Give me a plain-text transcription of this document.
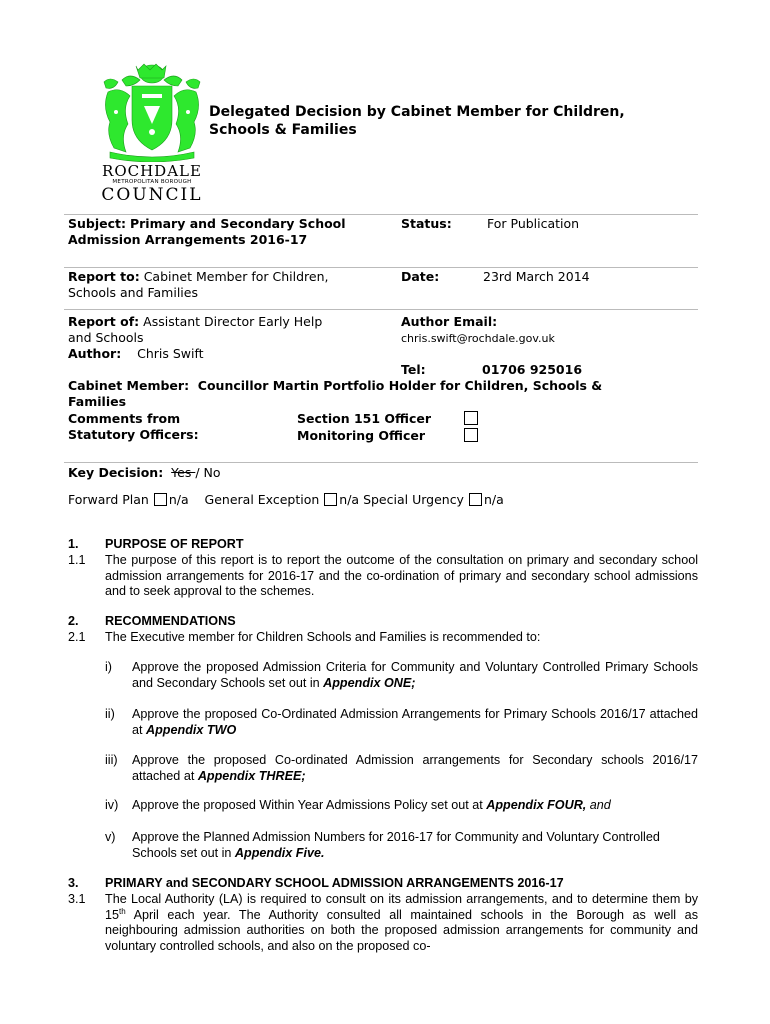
ROCHDALE
METROPOLITAN BOROUGH
COUNCIL
Delegated Decision by Cabinet Member for Children,
Schools & Families
Subject: Primary and Secondary School
Admission Arrangements 2016-17
Status:	For Publication
Report to: Cabinet Member for Children,
Schools and Families
Date:	23rd March 2014
Report of: Assistant Director Early Help
and Schools
Author: Chris Swift
Author Email:
chris.swift@rochdale.gov.uk
Tel:	01706 925016
Cabinet Member: Councillor Martin Portfolio Holder for Children, Schools &
Families
Comments from
Statutory Officers:
Section 151 Officer
Monitoring Officer
Key Decision: Yes / No
Forward Plan n/a General Exception n/a Special Urgency n/a
1. PURPOSE OF REPORT
1.1 The purpose of this report is to report the outcome of the consultation on primary and secondary school admission arrangements for 2016-17 and the co-ordination of primary and secondary school admissions and to seek approval to the schemes.
2. RECOMMENDATIONS
2.1 The Executive member for Children Schools and Families is recommended to:
i) Approve the proposed Admission Criteria for Community and Voluntary Controlled Primary Schools and Secondary Schools set out in Appendix ONE;
ii) Approve the proposed Co-Ordinated Admission Arrangements for Primary Schools 2016/17 attached at Appendix TWO
iii) Approve the proposed Co-ordinated Admission arrangements for Secondary schools 2016/17 attached at Appendix THREE;
iv) Approve the proposed Within Year Admissions Policy set out at Appendix FOUR, and
v) Approve the Planned Admission Numbers for 2016-17 for Community and Voluntary Controlled Schools set out in Appendix Five.
3. PRIMARY and SECONDARY SCHOOL ADMISSION ARRANGEMENTS 2016-17
3.1 The Local Authority (LA) is required to consult on its admission arrangements, and to determine them by 15th April each year. The Authority consulted all maintained schools in the Borough as well as neighbouring admission authorities on both the proposed admission arrangements for community and voluntary controlled schools, and also on the proposed co-
